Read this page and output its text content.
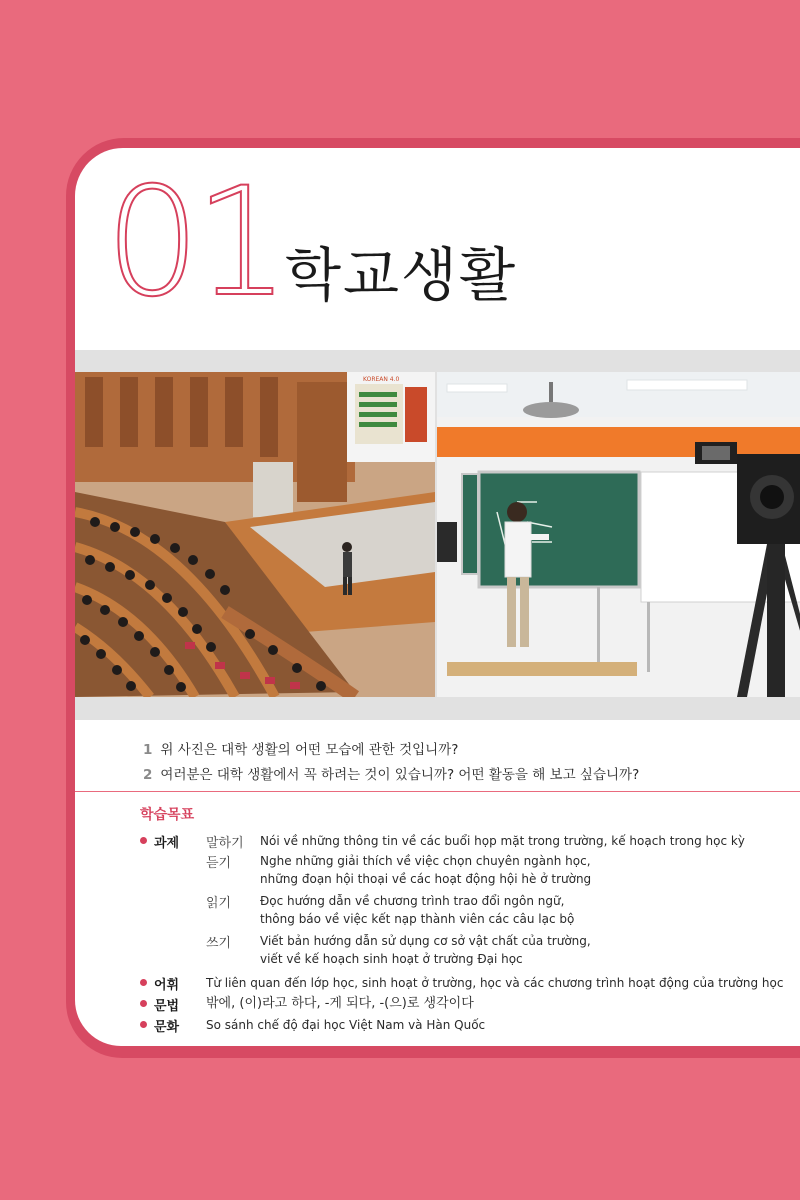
01 학교생활
KOREAN 4.0
1 위 사진은 대학 생활의 어떤 모습에 관한 것입니까?
2 여러분은 대학 생활에서 꼭 하려는 것이 있습니까? 어떤 활동을 해 보고 싶습니까?
학습목표
과제 말하기 Nói về những thông tin về các buổi họp mặt trong trường, kế hoạch trong học kỳ
듣기 Nghe những giải thích về việc chọn chuyên ngành học,
những đoạn hội thoại về các hoạt động hội hè ở trường
읽기 Đọc hướng dẫn về chương trình trao đổi ngôn ngữ,
thông báo về việc kết nạp thành viên các câu lạc bộ
쓰기 Viết bản hướng dẫn sử dụng cơ sở vật chất của trường,
viết về kế hoạch sinh hoạt ở trường Đại học
어휘 Từ liên quan đến lớp học, sinh hoạt ở trường, học và các chương trình hoạt động của trường học
문법 밖에, (이)라고 하다, -게 되다, -(으)로 생각이다
문화 So sánh chế độ đại học Việt Nam và Hàn Quốc
